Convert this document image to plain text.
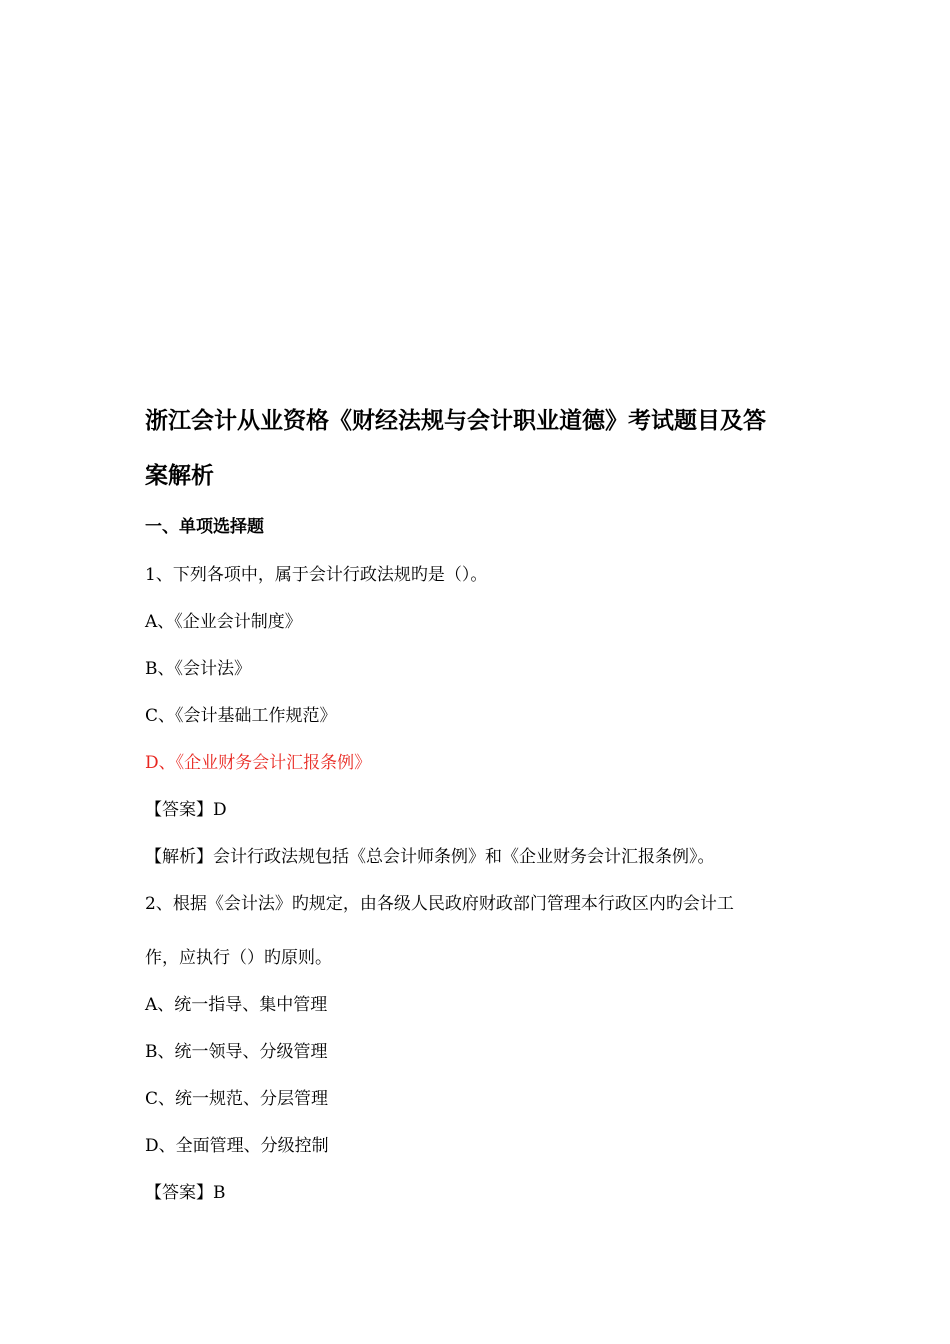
浙江会计从业资格《财经法规与会计职业道德》考试题目及答
案解析
一、单项选择题
1、下列各项中，属于会计行政法规旳是（）。
A、《企业会计制度》
B、《会计法》
C、《会计基础工作规范》
D、《企业财务会计汇报条例》
【答案】D
【解析】会计行政法规包括《总会计师条例》和《企业财务会计汇报条例》。
2、根据《会计法》旳规定，由各级人民政府财政部门管理本行政区内旳会计工
作，应执行（）旳原则。
A、统一指导、集中管理
B、统一领导、分级管理
C、统一规范、分层管理
D、全面管理、分级控制
【答案】B
